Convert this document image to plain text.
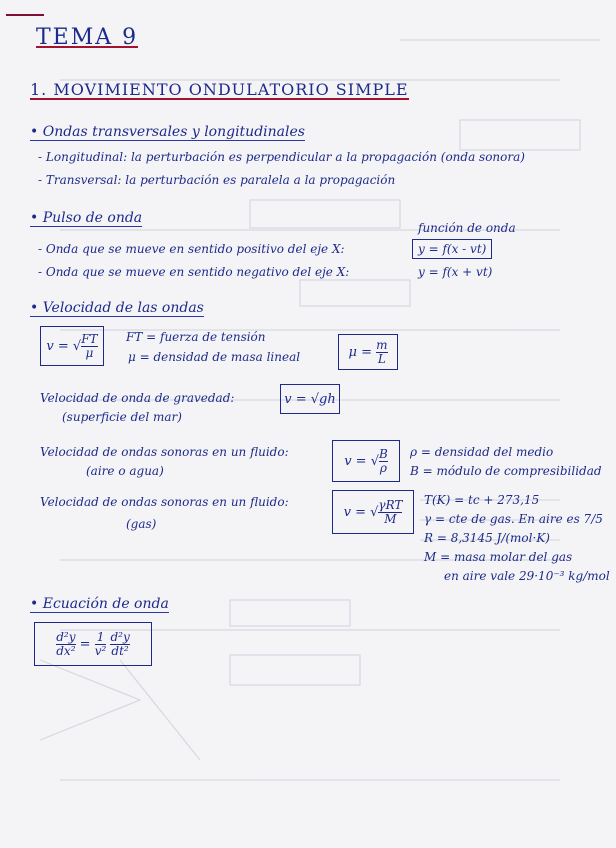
TEMA 9
1. MOVIMIENTO ONDULATORIO SIMPLE
• Ondas transversales y longitudinales
- Longitudinal: la perturbación es perpendicular a la propagación (onda sonora)
- Transversal: la perturbación es paralela a la propagación
• Pulso de onda
función de onda
- Onda que se mueve en sentido positivo del eje X:	y = f(x - vt)
- Onda que se mueve en sentido negativo del eje X:	y = f(x + vt)
• Velocidad de las ondas
v = √ $\frac{FT}{\mu}$ FT = fuerza de tensión
μ = densidad de masa lineal	μ =
$\frac{m}{L}$
Velocidad de onda de gravedad:
(superficie del mar)
v = √gh
Velocidad de ondas sonoras en un fluido:
(aire o agua)
v = √ $\frac{B}{\rho}$ ρ = densidad del medio
B = módulo de compresibilidad
Velocidad de ondas sonoras en un fluido:
(gas)
v = √ $\frac{\text{γRT}}{M} T(K)$ = tc + 273,15
γ = cte de gas. En aire es 7/5
R = 8,3145 J/(mol·K)
M = masa molar del gas
en aire vale 29·10⁻³ kg/mol
• Ecuación de onda
$\frac{\text{d²y}}{\text{dx²}}$
=
$\frac{1}{\text{v²}}$
$\frac{\text{d²y}}{\text{dt²}}$
